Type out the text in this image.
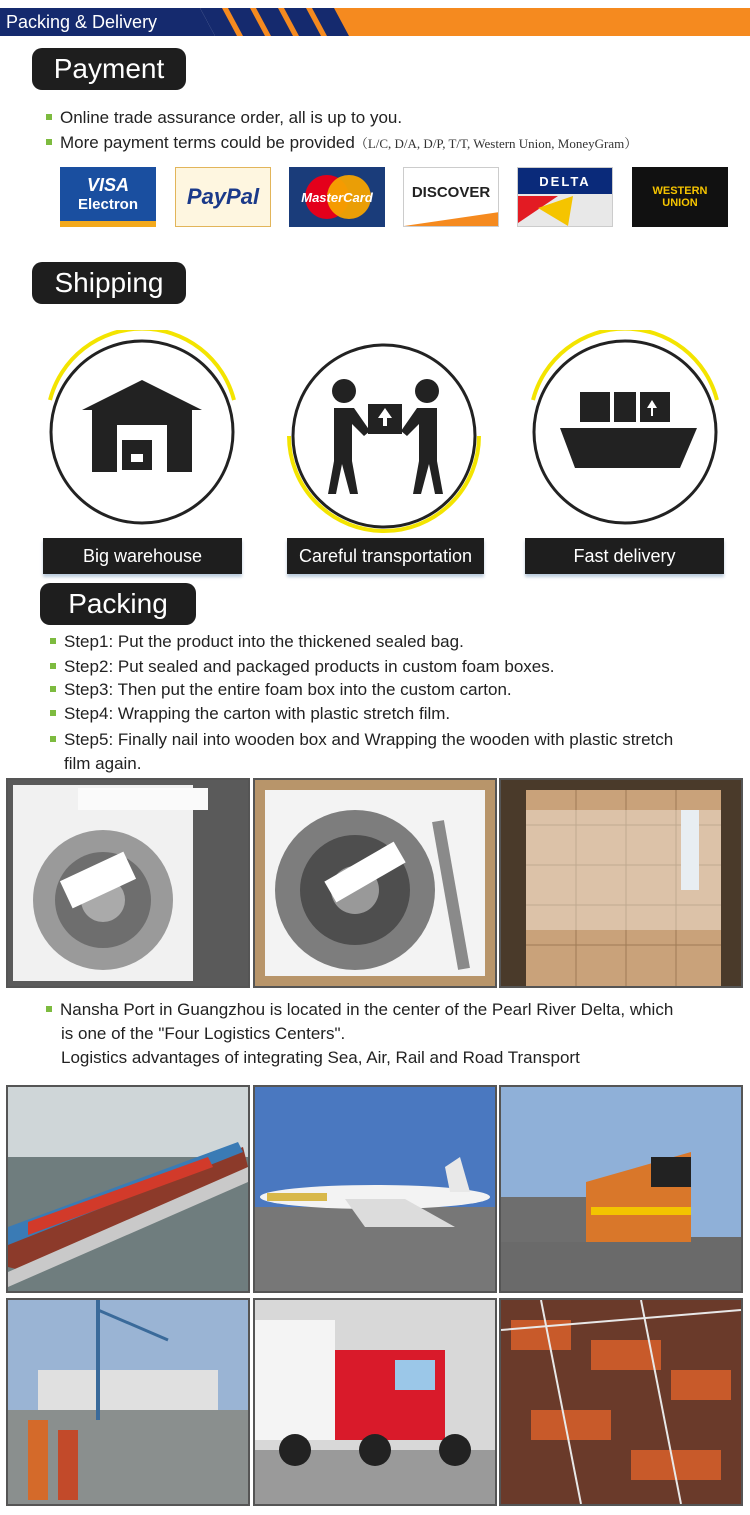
Packing & Delivery
Payment
Online trade assurance order, all is up to you.
More payment terms could be provided（L/C, D/A, D/P, T/T, Western Union, MoneyGram）
VISA
Electron PayPal	MasterCard	DISCOVER
DELTA
WESTERN
UNION
Shipping
Big warehouse	Careful transportation	Fast delivery
Packing
Step1: Put the product into the thickened sealed bag.
Step2: Put sealed and packaged products in custom foam boxes.
Step3: Then put the entire foam box into the custom carton.
Step4: Wrapping the carton with plastic stretch film.
Step5: Finally nail into wooden box and Wrapping the wooden with plastic stretch
film again.
Nansha Port in Guangzhou is located in the center of the Pearl River Delta, which
is one of the "Four Logistics Centers".
Logistics advantages of integrating Sea, Air, Rail and Road Transport
